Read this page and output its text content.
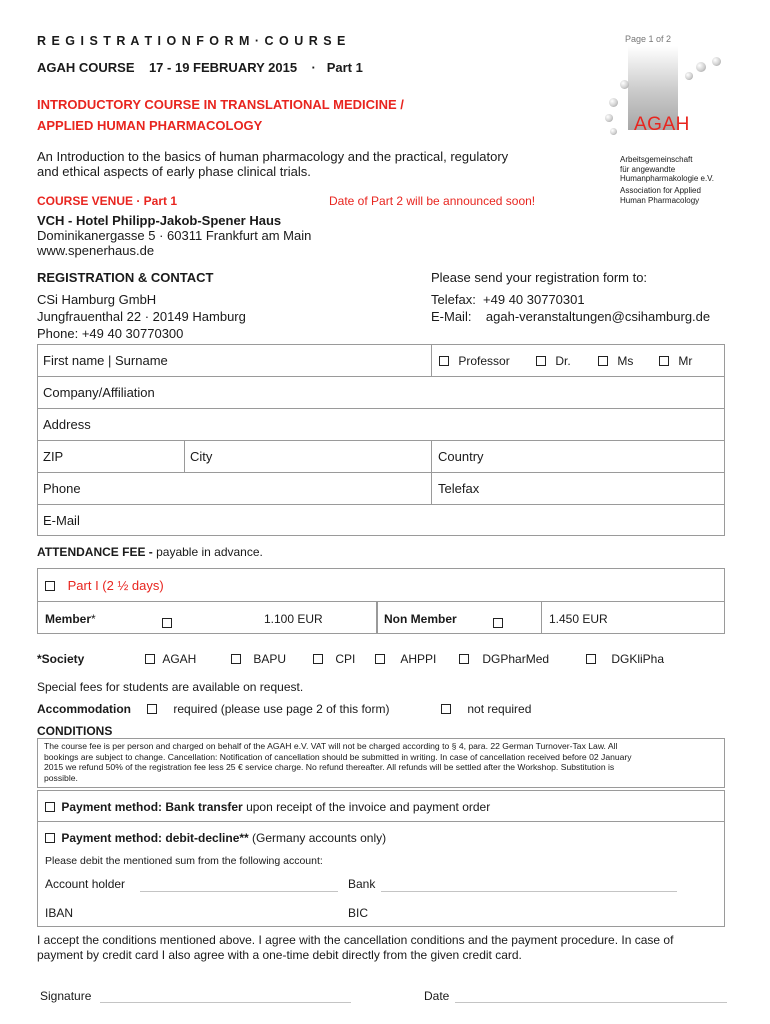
R E G I S T R A T I O N F O R M · C O U R S E	Page 1 of 2
AGAH COURSE    17 - 19 FEBRUARY 2015    ·   Part 1
INTRODUCTORY COURSE IN TRANSLATIONAL MEDICINE /
APPLIED HUMAN PHARMACOLOGY
An Introduction to the basics of human pharmacology and the practical, regulatory
and ethical aspects of early phase clinical trials.
AGAH
Arbeitsgemeinschaft
für angewandte
Humanpharmakologie e.V.
Association for Applied
Human Pharmacology
COURSE VENUE · Part 1	Date of Part 2 will be announced soon!
VCH - Hotel Philipp-Jakob-Spener Haus
Dominikanergasse 5 · 60311 Frankfurt am Main
www.spenerhaus.de
REGISTRATION & CONTACT
CSi Hamburg GmbH
Jungfrauenthal 22 · 20149 Hamburg
Phone: +49 40 30770300
Please send your registration form to:
Telefax:  +49 40 30770301
E-Mail:    agah-veranstaltungen@csihamburg.de
First name | Surname	Professor	Dr.	Ms	Mr
Company/Affiliation
Address
ZIP	City	Country
Phone	Telefax
E-Mail
ATTENDANCE FEE - payable in advance.
Part I (2 ½ days)
Member*	1.100 EUR	Non Member	1.450 EUR
*Society	AGAH	BAPU	CPI	AHPPI	DGPharMed	DGKliPha
Special fees for students are available on request.
Accommodation	required (please use page 2 of this form)	not required
CONDITIONS
The course fee is per person and charged on behalf of the AGAH e.V. VAT will not be charged according to § 4, para. 22 German Turnover-Tax Law. All
bookings are subject to change. Cancellation: Notification of cancellation should be submitted in writing. In case of cancellation received before 02 January
2015 we refund 50% of the registration fee less 25 € service charge. No refund thereafter. All refunds will be settled after the Workshop. Substitution is
possible.
Payment method: Bank transfer upon receipt of the invoice and payment order
Payment method: debit-decline** (Germany accounts only)
Please debit the mentioned sum from the following account:
Account holder	Bank
IBAN	BIC
I accept the conditions mentioned above. I agree with the cancellation conditions and the payment procedure. In case of
payment by credit card I also agree with a one-time debit directly from the given credit card.
Signature	Date
